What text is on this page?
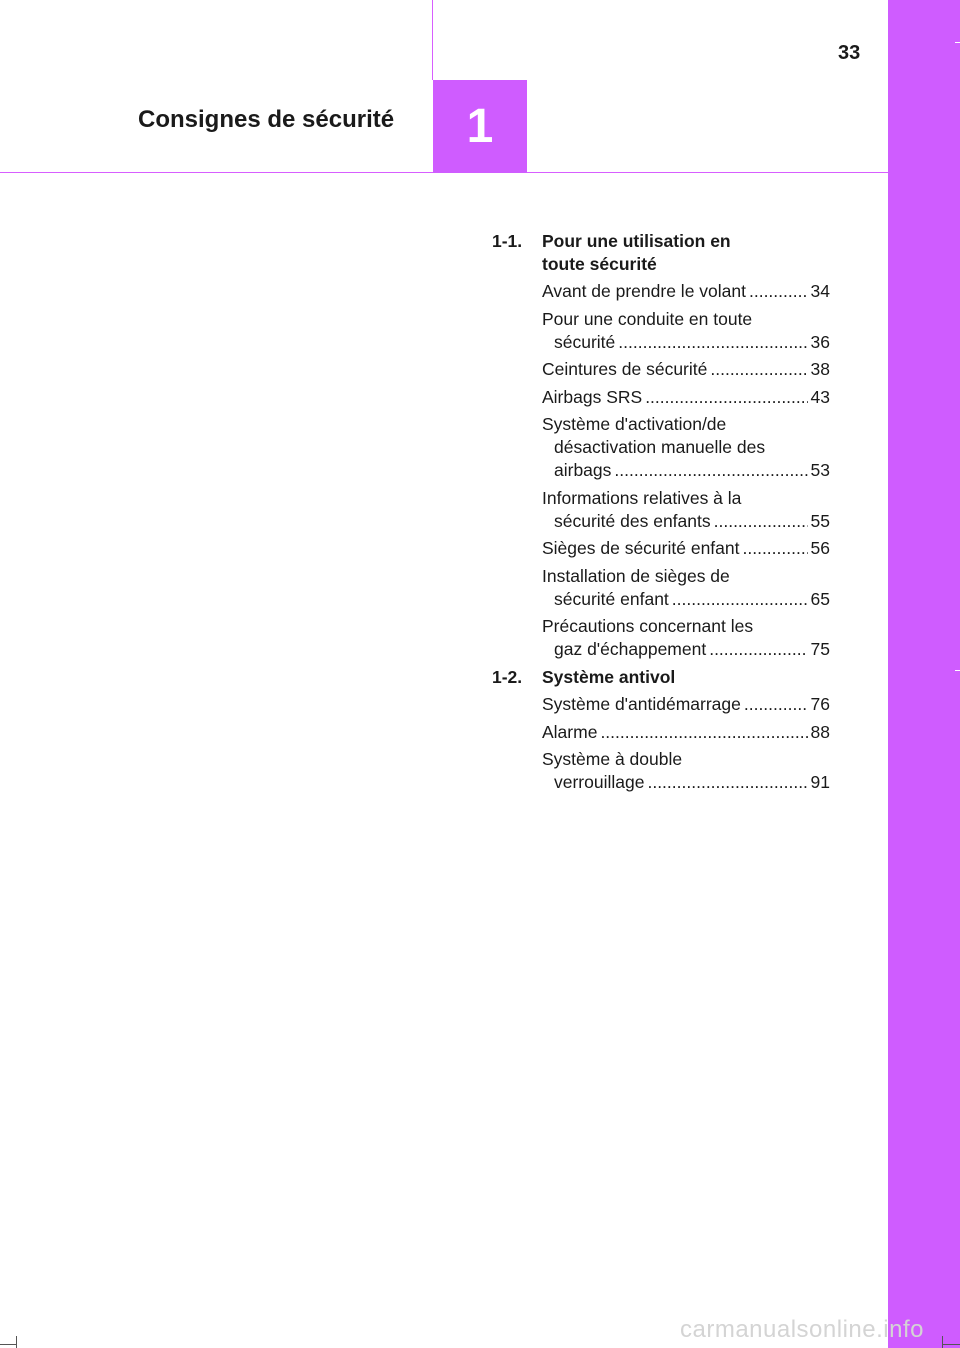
33
Consignes de sécurité 1
1-1. Pour une utilisation en
toute sécurité
Avant de prendre le volant .....	34
Pour une conduite en toute
sécurité .....	36
Ceintures de sécurité .....	38
Airbags SRS .....	43
Système d'activation/de
désactivation manuelle des
airbags .....	53
Informations relatives à la
sécurité des enfants .....	55
Sièges de sécurité enfant .....	56
Installation de sièges de
sécurité enfant .....	65
Précautions concernant les
gaz d'échappement .....	75
1-2. Système antivol
Système d'antidémarrage .....	76
Alarme .....	88
Système à double
verrouillage .....	91
carmanualsonline.info
